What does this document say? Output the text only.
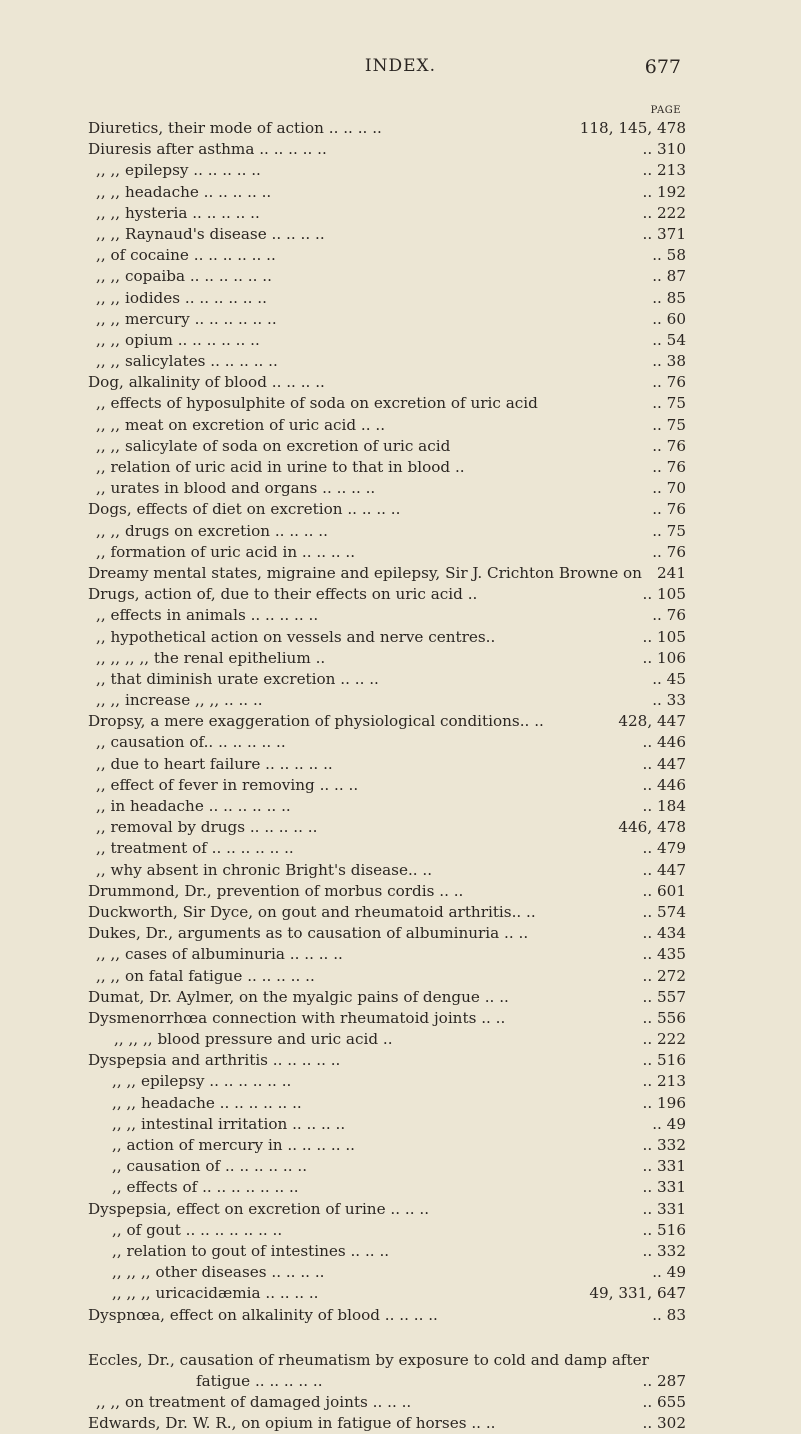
INDEX.	677
PAGE
Diuretics, their mode of action .. .. .. ..	118, 145, 478
Diuresis after asthma .. .. .. .. ..	.. 310
,, ,, epilepsy .. .. .. .. ..	.. 213
,, ,, headache .. .. .. .. ..	.. 192
,, ,, hysteria .. .. .. .. ..	.. 222
,, ,, Raynaud's disease .. .. .. ..	.. 371
,, of cocaine .. .. .. .. .. ..	.. 58
,, ,, copaiba .. .. .. .. .. ..	.. 87
,, ,, iodides .. .. .. .. .. ..	.. 85
,, ,, mercury .. .. .. .. .. ..	.. 60
,, ,, opium .. .. .. .. .. ..	.. 54
,, ,, salicylates .. .. .. .. ..	.. 38
Dog, alkalinity of blood .. .. .. ..	.. 76
,, effects of hyposulphite of soda on excretion of uric acid	.. 75
,, ,, meat on excretion of uric acid .. ..	.. 75
,, ,, salicylate of soda on excretion of uric acid	.. 76
,, relation of uric acid in urine to that in blood ..	.. 76
,, urates in blood and organs .. .. .. ..	.. 70
Dogs, effects of diet on excretion .. .. .. ..	.. 76
,, ,, drugs on excretion .. .. .. ..	.. 75
,, formation of uric acid in .. .. .. ..	.. 76
Dreamy mental states, migraine and epilepsy, Sir J. Crichton Browne on 241
Drugs, action of, due to their effects on uric acid ..	.. 105
,, effects in animals .. .. .. .. ..	.. 76
,, hypothetical action on vessels and nerve centres..	.. 105
,, ,, ,, ,, the renal epithelium ..	.. 106
,, that diminish urate excretion .. .. ..	.. 45
,, ,, increase ,, ,, .. .. ..	.. 33
Dropsy, a mere exaggeration of physiological conditions.. ..	428, 447
,, causation of.. .. .. .. .. ..	.. 446
,, due to heart failure .. .. .. .. ..	.. 447
,, effect of fever in removing .. .. ..	.. 446
,, in headache .. .. .. .. .. ..	.. 184
,, removal by drugs .. .. .. .. ..	446, 478
,, treatment of .. .. .. .. .. ..	.. 479
,, why absent in chronic Bright's disease.. ..	.. 447
Drummond, Dr., prevention of morbus cordis .. ..	.. 601
Duckworth, Sir Dyce, on gout and rheumatoid arthritis.. ..	.. 574
Dukes, Dr., arguments as to causation of albuminuria .. ..	.. 434
,, ,, cases of albuminuria .. .. .. ..	.. 435
,, ,, on fatal fatigue .. .. .. .. ..	.. 272
Dumat, Dr. Aylmer, on the myalgic pains of dengue .. ..	.. 557
Dysmenorrhœa connection with rheumatoid joints .. ..	.. 556
,, ,, ,, blood pressure and uric acid ..	.. 222
Dyspepsia and arthritis .. .. .. .. ..	.. 516
,, ,, epilepsy .. .. .. .. .. ..	.. 213
,, ,, headache .. .. .. .. .. ..	.. 196
,, ,, intestinal irritation .. .. .. ..	.. 49
,, action of mercury in .. .. .. .. ..	.. 332
,, causation of .. .. .. .. .. ..	.. 331
,, effects of .. .. .. .. .. .. ..	.. 331
Dyspepsia, effect on excretion of urine .. .. ..	.. 331
,, of gout .. .. .. .. .. .. ..	.. 516
,, relation to gout of intestines .. .. ..	.. 332
,, ,, ,, other diseases .. .. .. ..	.. 49
,, ,, ,, uricacidæmia .. .. .. ..	49, 331, 647
Dyspnœa, effect on alkalinity of blood .. .. .. ..	.. 83
Eccles, Dr., causation of rheumatism by exposure to cold and damp after
fatigue .. .. .. .. ..	.. 287
,, ,, on treatment of damaged joints .. .. ..	.. 655
Edwards, Dr. W. R., on opium in fatigue of horses .. ..	.. 302
